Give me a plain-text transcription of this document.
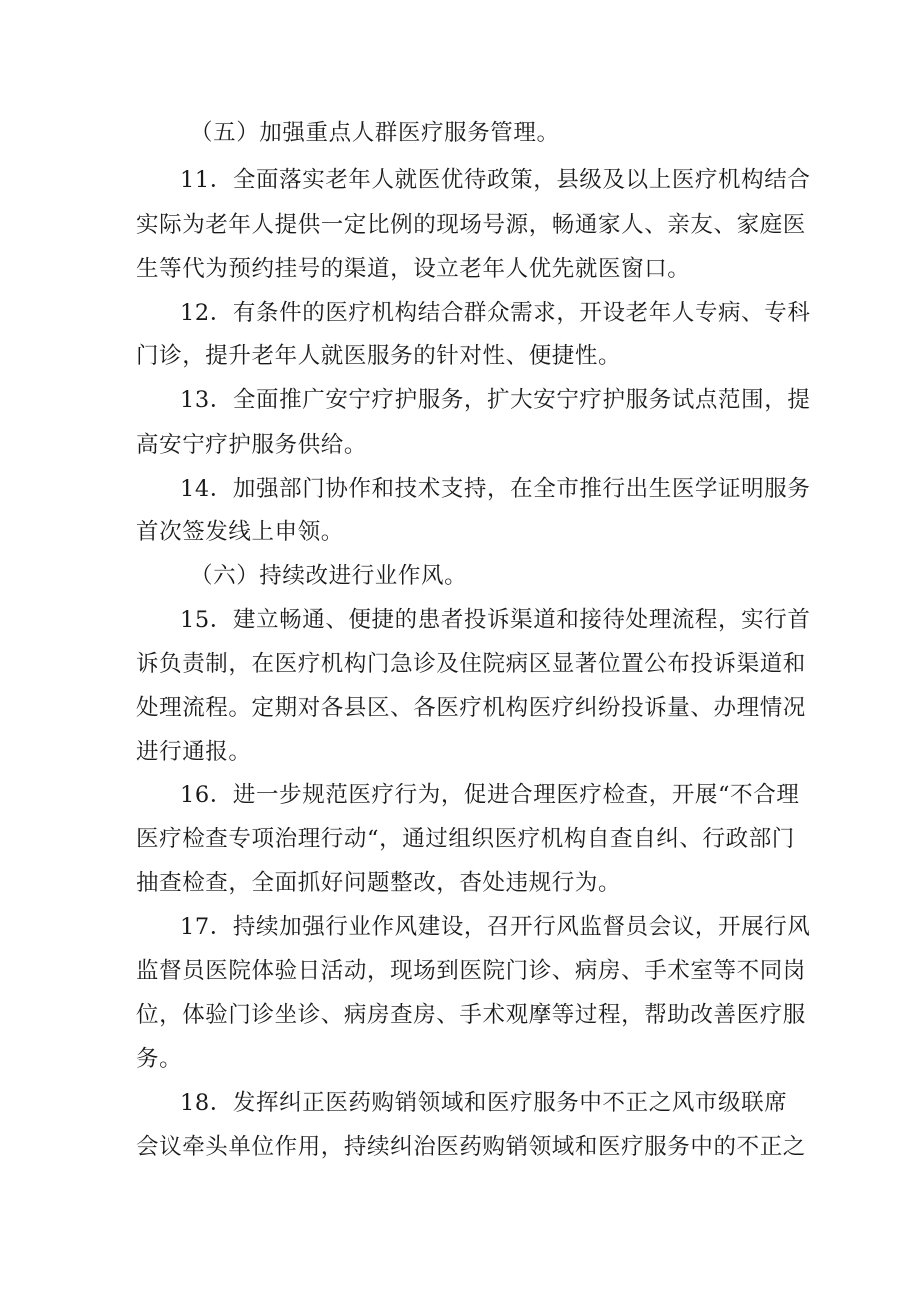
（五）加强重点人群医疗服务管理。
11．全面落实老年人就医优待政策，县级及以上医疗机构结合
实际为老年人提供一定比例的现场号源，畅通家人、亲友、家庭医
生等代为预约挂号的渠道，设立老年人优先就医窗口。
12．有条件的医疗机构结合群众需求，开设老年人专病、专科
门诊，提升老年人就医服务的针对性、便捷性。
13．全面推广安宁疗护服务，扩大安宁疗护服务试点范围，提
高安宁疗护服务供给。
14．加强部门协作和技术支持，在全市推行出生医学证明服务
首次签发线上申领。
（六）持续改进行业作风。
15．建立畅通、便捷的患者投诉渠道和接待处理流程，实行首
诉负责制，在医疗机构门急诊及住院病区显著位置公布投诉渠道和
处理流程。定期对各县区、各医疗机构医疗纠纷投诉量、办理情况
进行通报。
16．进一步规范医疗行为，促进合理医疗检查，开展“不合理
医疗检查专项治理行动“，通过组织医疗机构自查自纠、行政部门
抽查检查，全面抓好问题整改，杳处违规行为。
17．持续加强行业作风建设，召开行风监督员会议，开展行风
监督员医院体验日活动，现场到医院门诊、病房、手术室等不同岗
位，体验门诊坐诊、病房查房、手术观摩等过程，帮助改善医疗服
务。
18．发挥纠正医药购销领域和医疗服务中不正之风市级联席
会议牵头单位作用，持续纠治医药购销领域和医疗服务中的不正之
